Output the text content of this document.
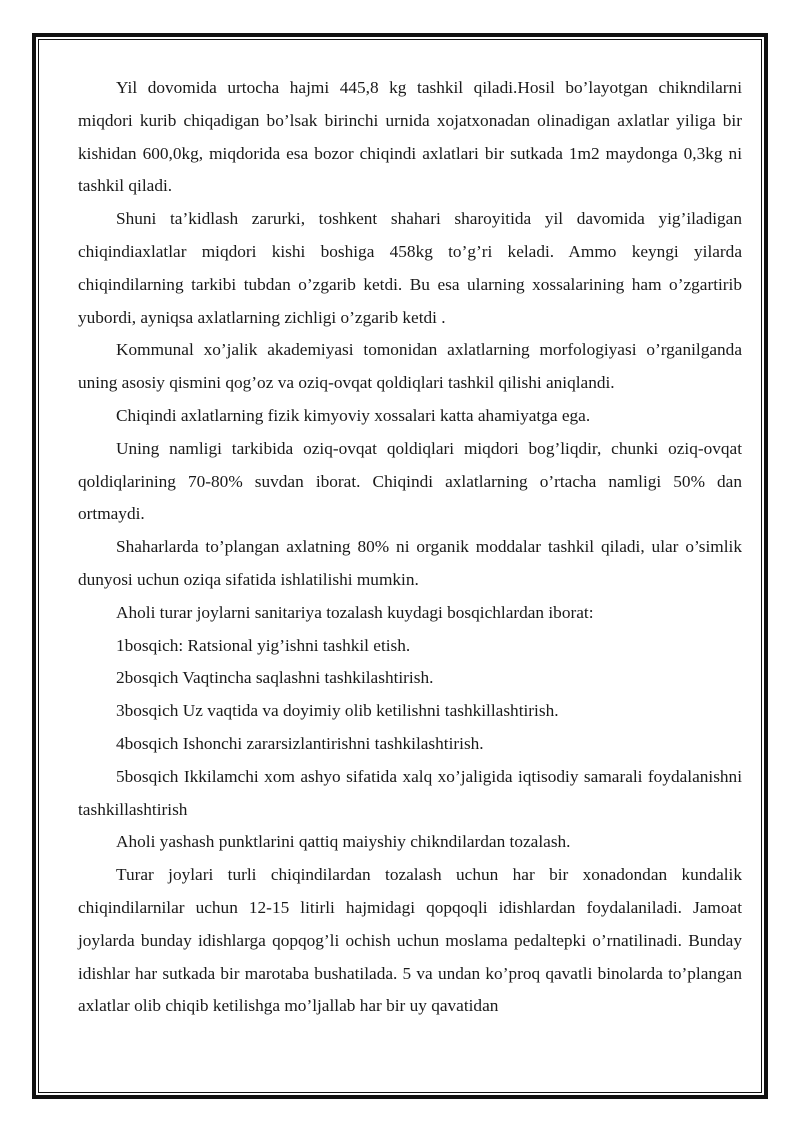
Yil dovomida urtocha hajmi 445,8 kg tashkil qiladi.Hosil bo’layotgan chikndilarni miqdori kurib chiqadigan bo’lsak birinchi urnida xojatxonadan olinadigan axlatlar yiliga bir kishidan 600,0kg, miqdorida esa bozor chiqindi axlatlari bir sutkada 1m2 maydonga 0,3kg ni tashkil qiladi.

Shuni ta’kidlash zarurki, toshkent shahari sharoyitida yil davomida yig’iladigan chiqindiaxlatlar miqdori kishi boshiga 458kg to’g’ri keladi. Ammo keyngi yilarda chiqindilarning tarkibi tubdan o’zgarib ketdi. Bu esa ularning xossalarining ham o’zgartirib yubordi, ayniqsa axlatlarning zichligi o’zgarib ketdi .

Kommunal xo’jalik akademiyasi tomonidan axlatlarning morfologiyasi o’rganilganda uning asosiy qismini qog’oz va oziq-ovqat qoldiqlari tashkil qilishi aniqlandi.

Chiqindi axlatlarning fizik kimyoviy xossalari katta ahamiyatga ega.

Uning namligi tarkibida oziq-ovqat qoldiqlari miqdori bog’liqdir, chunki oziq-ovqat qoldiqlarining 70-80% suvdan iborat. Chiqindi axlatlarning o’rtacha namligi 50% dan ortmaydi.

Shaharlarda to’plangan axlatning 80% ni organik moddalar tashkil qiladi, ular o’simlik dunyosi uchun oziqa sifatida ishlatilishi mumkin.

Aholi turar joylarni sanitariya tozalash kuydagi bosqichlardan iborat:

1bosqich: Ratsional yig’ishni tashkil etish.

2bosqich Vaqtincha saqlashni tashkilashtirish.

3bosqich Uz vaqtida va doyimiy olib ketilishni tashkillashtirish.

4bosqich Ishonchi zararsizlantirishni tashkilashtirish.

5bosqich Ikkilamchi xom ashyo sifatida xalq xo’jaligida iqtisodiy samarali foydalanishni tashkillashtirish

Aholi yashash punktlarini qattiq maiyshiy chikndilardan tozalash.

Turar joylari turli chiqindilardan tozalash uchun har bir xonadondan kundalik chiqindilarnilar uchun 12-15 litirli hajmidagi qopqoqli idishlardan foydalaniladi. Jamoat joylarda bunday idishlarga qopqog’li ochish uchun moslama pedaltepki o’rnatilinadi. Bunday idishlar har sutkada bir marotaba bushatilada. 5 va undan ko’proq qavatli binolarda to’plangan axlatlar olib chiqib ketilishga mo’ljallab har bir uy qavatidan
